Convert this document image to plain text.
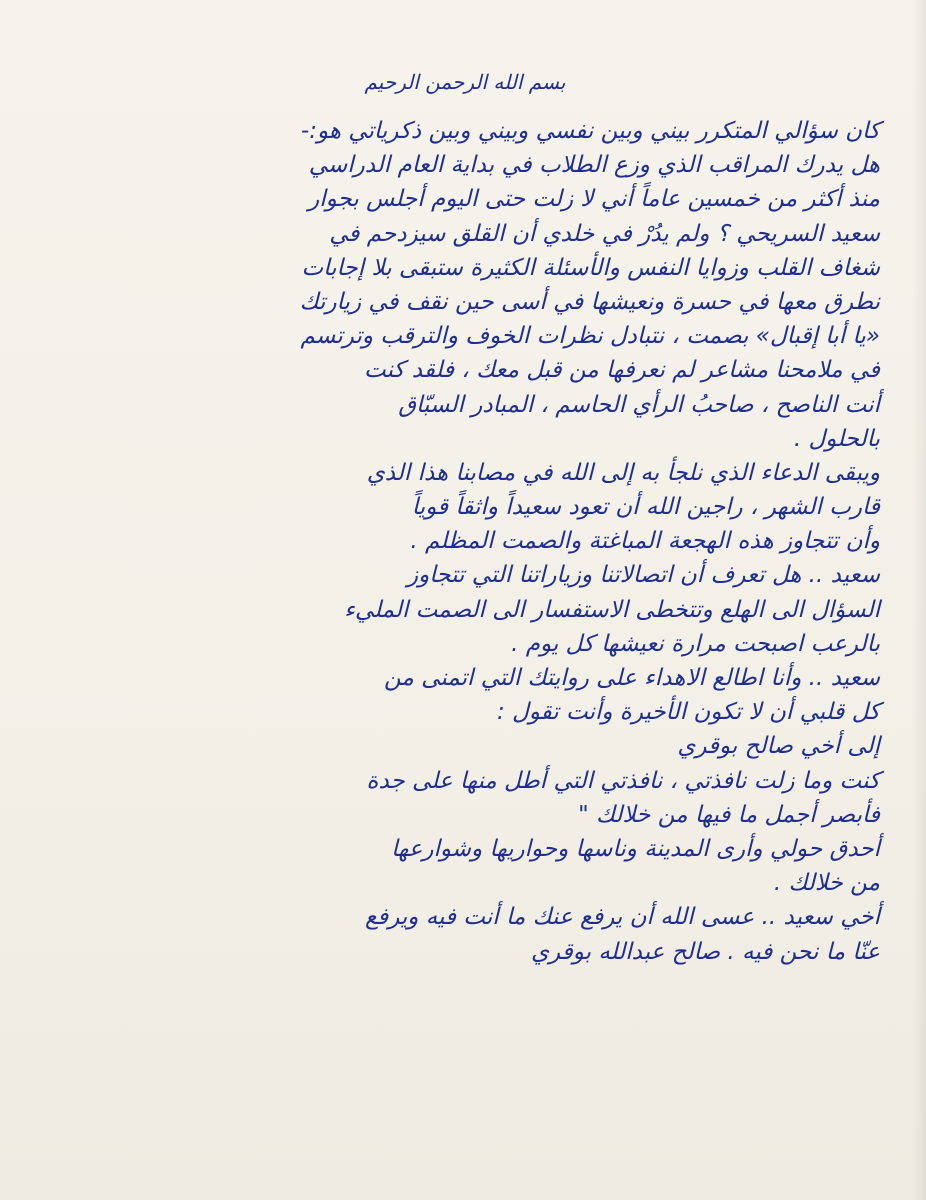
بسم الله الرحمن الرحيم
كان سؤالي المتكرر بيني وبين نفسي وبيني وبين ذكرياتي هو:-
هل يدرك المراقب الذي وزع الطلاب في بداية العام الدراسي
منذ أكثر من خمسين عاماً أني لا زلت حتى اليوم أجلس بجوار
سعيد السريحي ؟ ولم يدُرْ في خلدي أن القلق سيزدحم في
شغاف القلب وزوايا النفس والأسئلة الكثيرة ستبقى بلا إجابات
نطرق معها في حسرة ونعيشها في أسى حين نقف في زيارتك
«يا أبا إقبال» بصمت ، نتبادل نظرات الخوف والترقب وترتسم
في ملامحنا مشاعر لم نعرفها من قبل معك ، فلقد كنت
أنت الناصح ، صاحبُ الرأي الحاسم ، المبادر السبّاق
بالحلول .
ويبقى الدعاء الذي نلجأ به إلى الله في مصابنا هذا الذي
قارب الشهر ، راجين الله أن تعود سعيداً واثقاً قوياً
وأن تتجاوز هذه الهجعة المباغتة والصمت المظلم .
سعيد .. هل تعرف أن اتصالاتنا وزياراتنا التي تتجاوز
السؤال الى الهلع وتتخطى الاستفسار الى الصمت المليء
بالرعب اصبحت مرارة نعيشها كل يوم .
سعيد .. وأنا اطالع الاهداء على روايتك التي اتمنى من
كل قلبي أن لا تكون الأخيرة وأنت تقول :
إلى أخي صالح بوقري
كنت وما زلت نافذتي ، نافذتي التي أطل منها على جدة
فأبصر أجمل ما فيها من خلالك "
أحدق حولي وأرى المدينة وناسها وحواريها وشوارعها
من خلالك .
أخي سعيد .. عسى الله أن يرفع عنك ما أنت فيه ويرفع
عنّا ما نحن فيه . صالح عبدالله بوقري
